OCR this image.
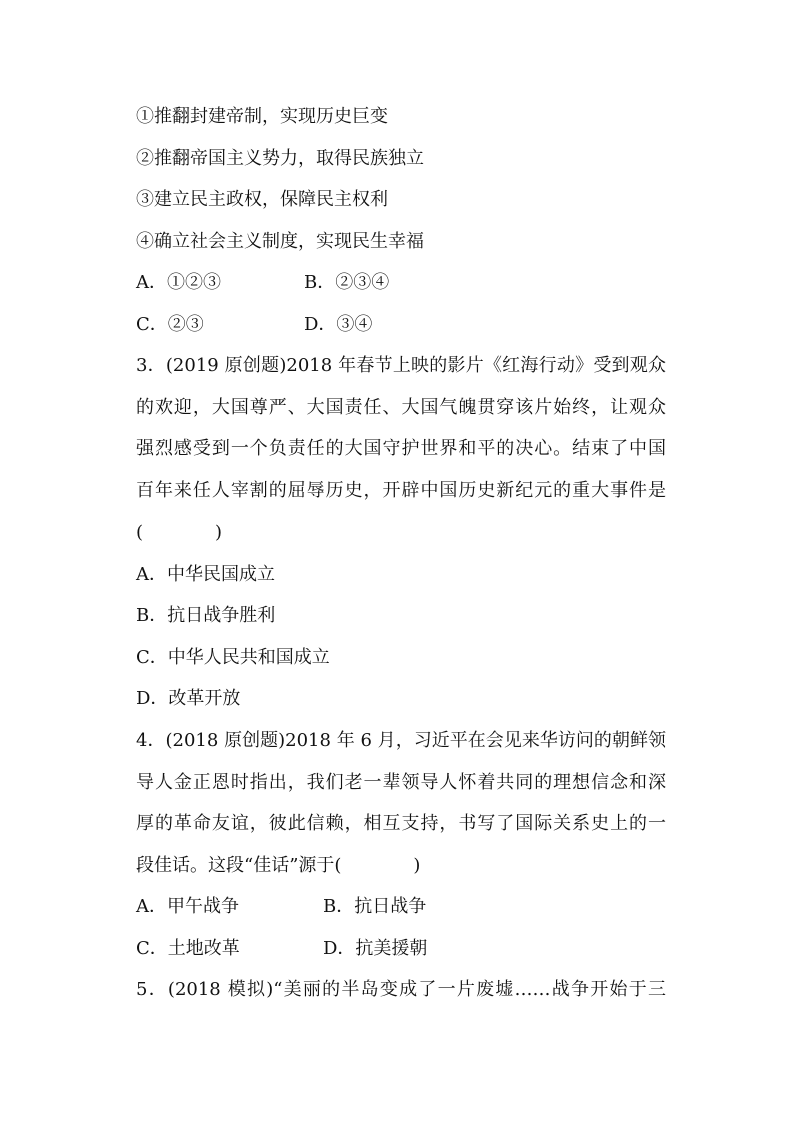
①推翻封建帝制，实现历史巨变
②推翻帝国主义势力，取得民族独立
③建立民主政权，保障民主权利
④确立社会主义制度，实现民生幸福
A．①②③	B．②③④
C．②③	D．③④
3．(2019 原创题)2018 年春节上映的影片《红海行动》受到观众
的欢迎，大国尊严、大国责任、大国气魄贯穿该片始终，让观众
强烈感受到一个负责任的大国守护世界和平的决心。结束了中国
百年来任人宰割的屈辱历史，开辟中国历史新纪元的重大事件是
(　　　　)
A．中华民国成立
B．抗日战争胜利
C．中华人民共和国成立
D．改革开放
4．(2018 原创题)2018 年 6 月，习近平在会见来华访问的朝鲜领
导人金正恩时指出，我们老一辈领导人怀着共同的理想信念和深
厚的革命友谊，彼此信赖，相互支持，书写了国际关系史上的一
段佳话。这段“佳话”源于(　　　　)
A．甲午战争	B．抗日战争
C．土地改革	D．抗美援朝
5．(2018 模拟)“美丽的半岛变成了一片废墟……战争开始于三
